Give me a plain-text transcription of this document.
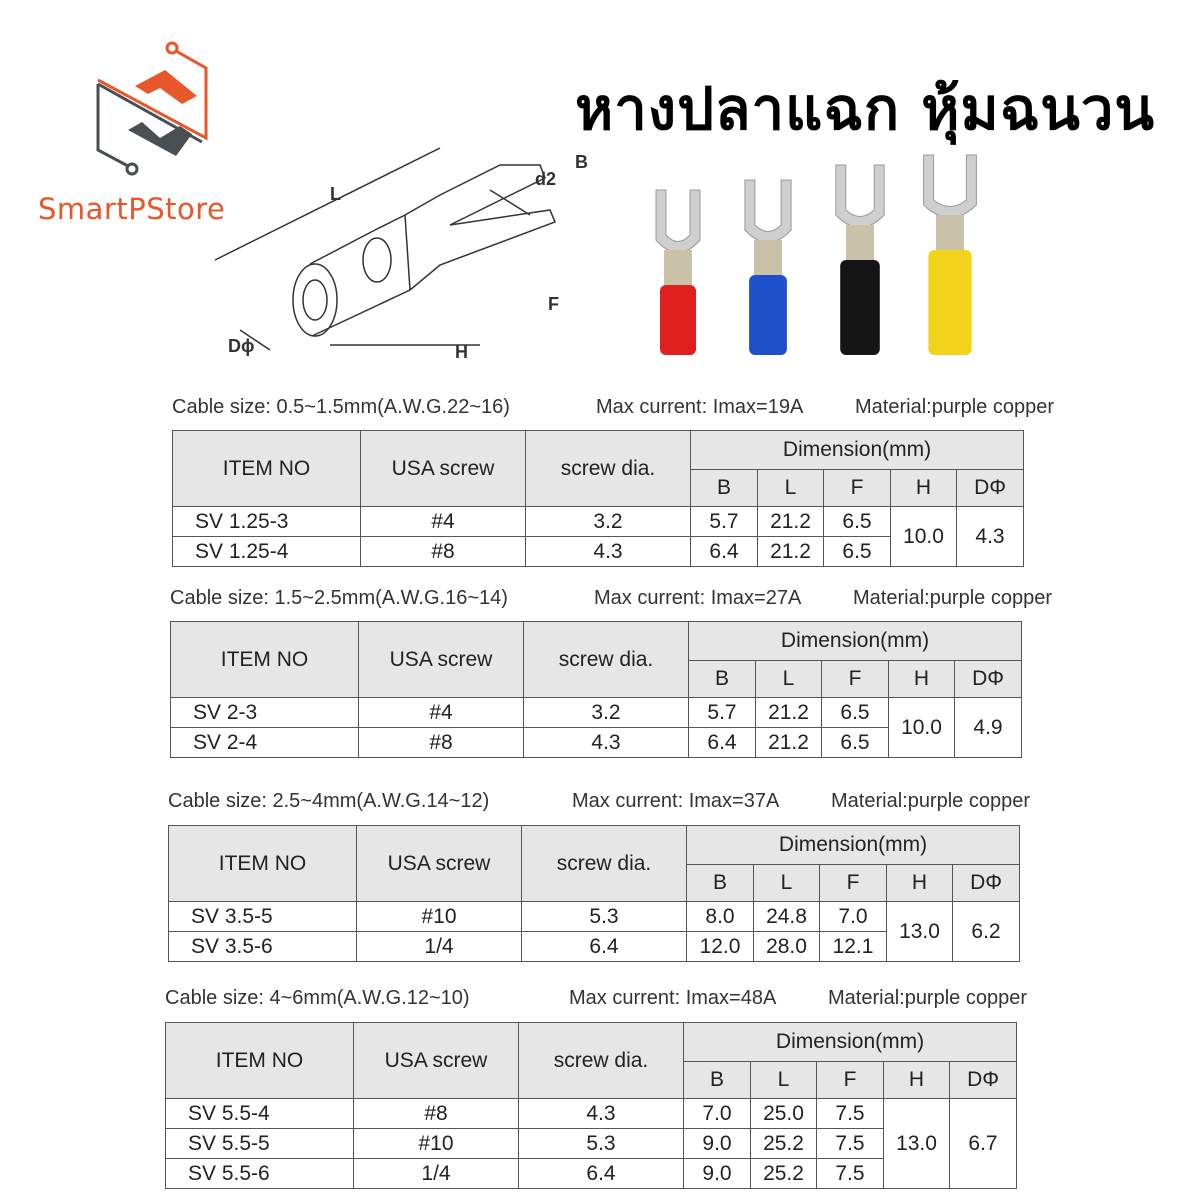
SmartPStore
หางปลาแฉก หุ้มฉนวน
L
B
d2
F
H
Dϕ
Cable size: 0.5~1.5mm(A.W.G.22~16)	Max current: Imax=19A	Material:purple copper
ITEM NO	USA screw	screw dia.	Dimension(mm)				
			B	L	F	H	DΦ
SV 1.25-3	#4	3.2	5.7	21.2	6.5	10.0	4.3
SV 1.25-4	#8	4.3	6.4	21.2	6.5		
Cable size: 1.5~2.5mm(A.W.G.16~14)	Max current: Imax=27A	Material:purple copper
ITEM NO	USA screw	screw dia.	Dimension(mm)				
			B	L	F	H	DΦ
SV 2-3	#4	3.2	5.7	21.2	6.5	10.0	4.9
SV 2-4	#8	4.3	6.4	21.2	6.5		
Cable size: 2.5~4mm(A.W.G.14~12)	Max current: Imax=37A	Material:purple copper
ITEM NO	USA screw	screw dia.	Dimension(mm)				
			B	L	F	H	DΦ
SV 3.5-5	#10	5.3	8.0	24.8	7.0	13.0	6.2
SV 3.5-6	1/4	6.4	12.0	28.0	12.1		
Cable size: 4~6mm(A.W.G.12~10)	Max current: Imax=48A	Material:purple copper
ITEM NO	USA screw	screw dia.	Dimension(mm)				
			B	L	F	H	DΦ
SV 5.5-4	#8	4.3	7.0	25.0	7.5	13.0	6.7
SV 5.5-5	#10	5.3	9.0	25.2	7.5		
SV 5.5-6	1/4	6.4	9.0	25.2	7.5		
